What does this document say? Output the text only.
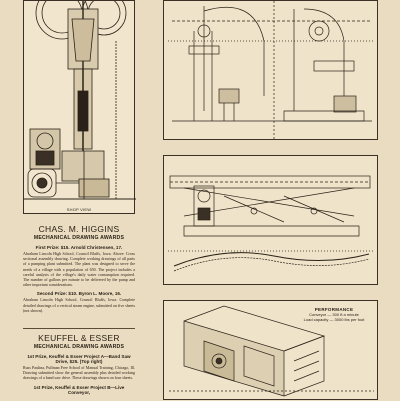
SHOP VIEW
CHAS. M. HIGGINS
MECHANICAL DRAWING AWARDS
First Prize: $15. Arnold Christensen, 17.

Abraham Lincoln High School, Council Bluffs, Iowa. Above: Cross sectional assembly drawing. Complete working drawings of all parts of a pumping plant submitted. The plant was designed to serve the needs of a village with a population of 650. The project includes a careful analysis of the village's daily water consumption required. The number of gallons per minute to be delivered by the pump and other important considerations.

Second Prize: $10. Byron L. Moore, 16.

Abraham Lincoln High School, Council Bluffs, Iowa. Complete detailed drawings of a vertical steam engine, submitted on five sheets (not shown).

KEUFFEL & ESSER
MECHANICAL DRAWING AWARDS
1st Prize, Keuffel & Esser Project A—Band Saw Drive, $25. (Top right)

Russ Paulina, Pullman Free School of Manual Training, Chicago, Ill. Drawing submitted show the general assembly plus detailed working drawings of a band saw drive. These drawings shown on four sheets.

1st Prize, Keuffel & Esser Project B—Live Conveyor,
PERFORMANCE
Conveyor — 300 ft a minute
Load capacity — 3000 lbs per foot
